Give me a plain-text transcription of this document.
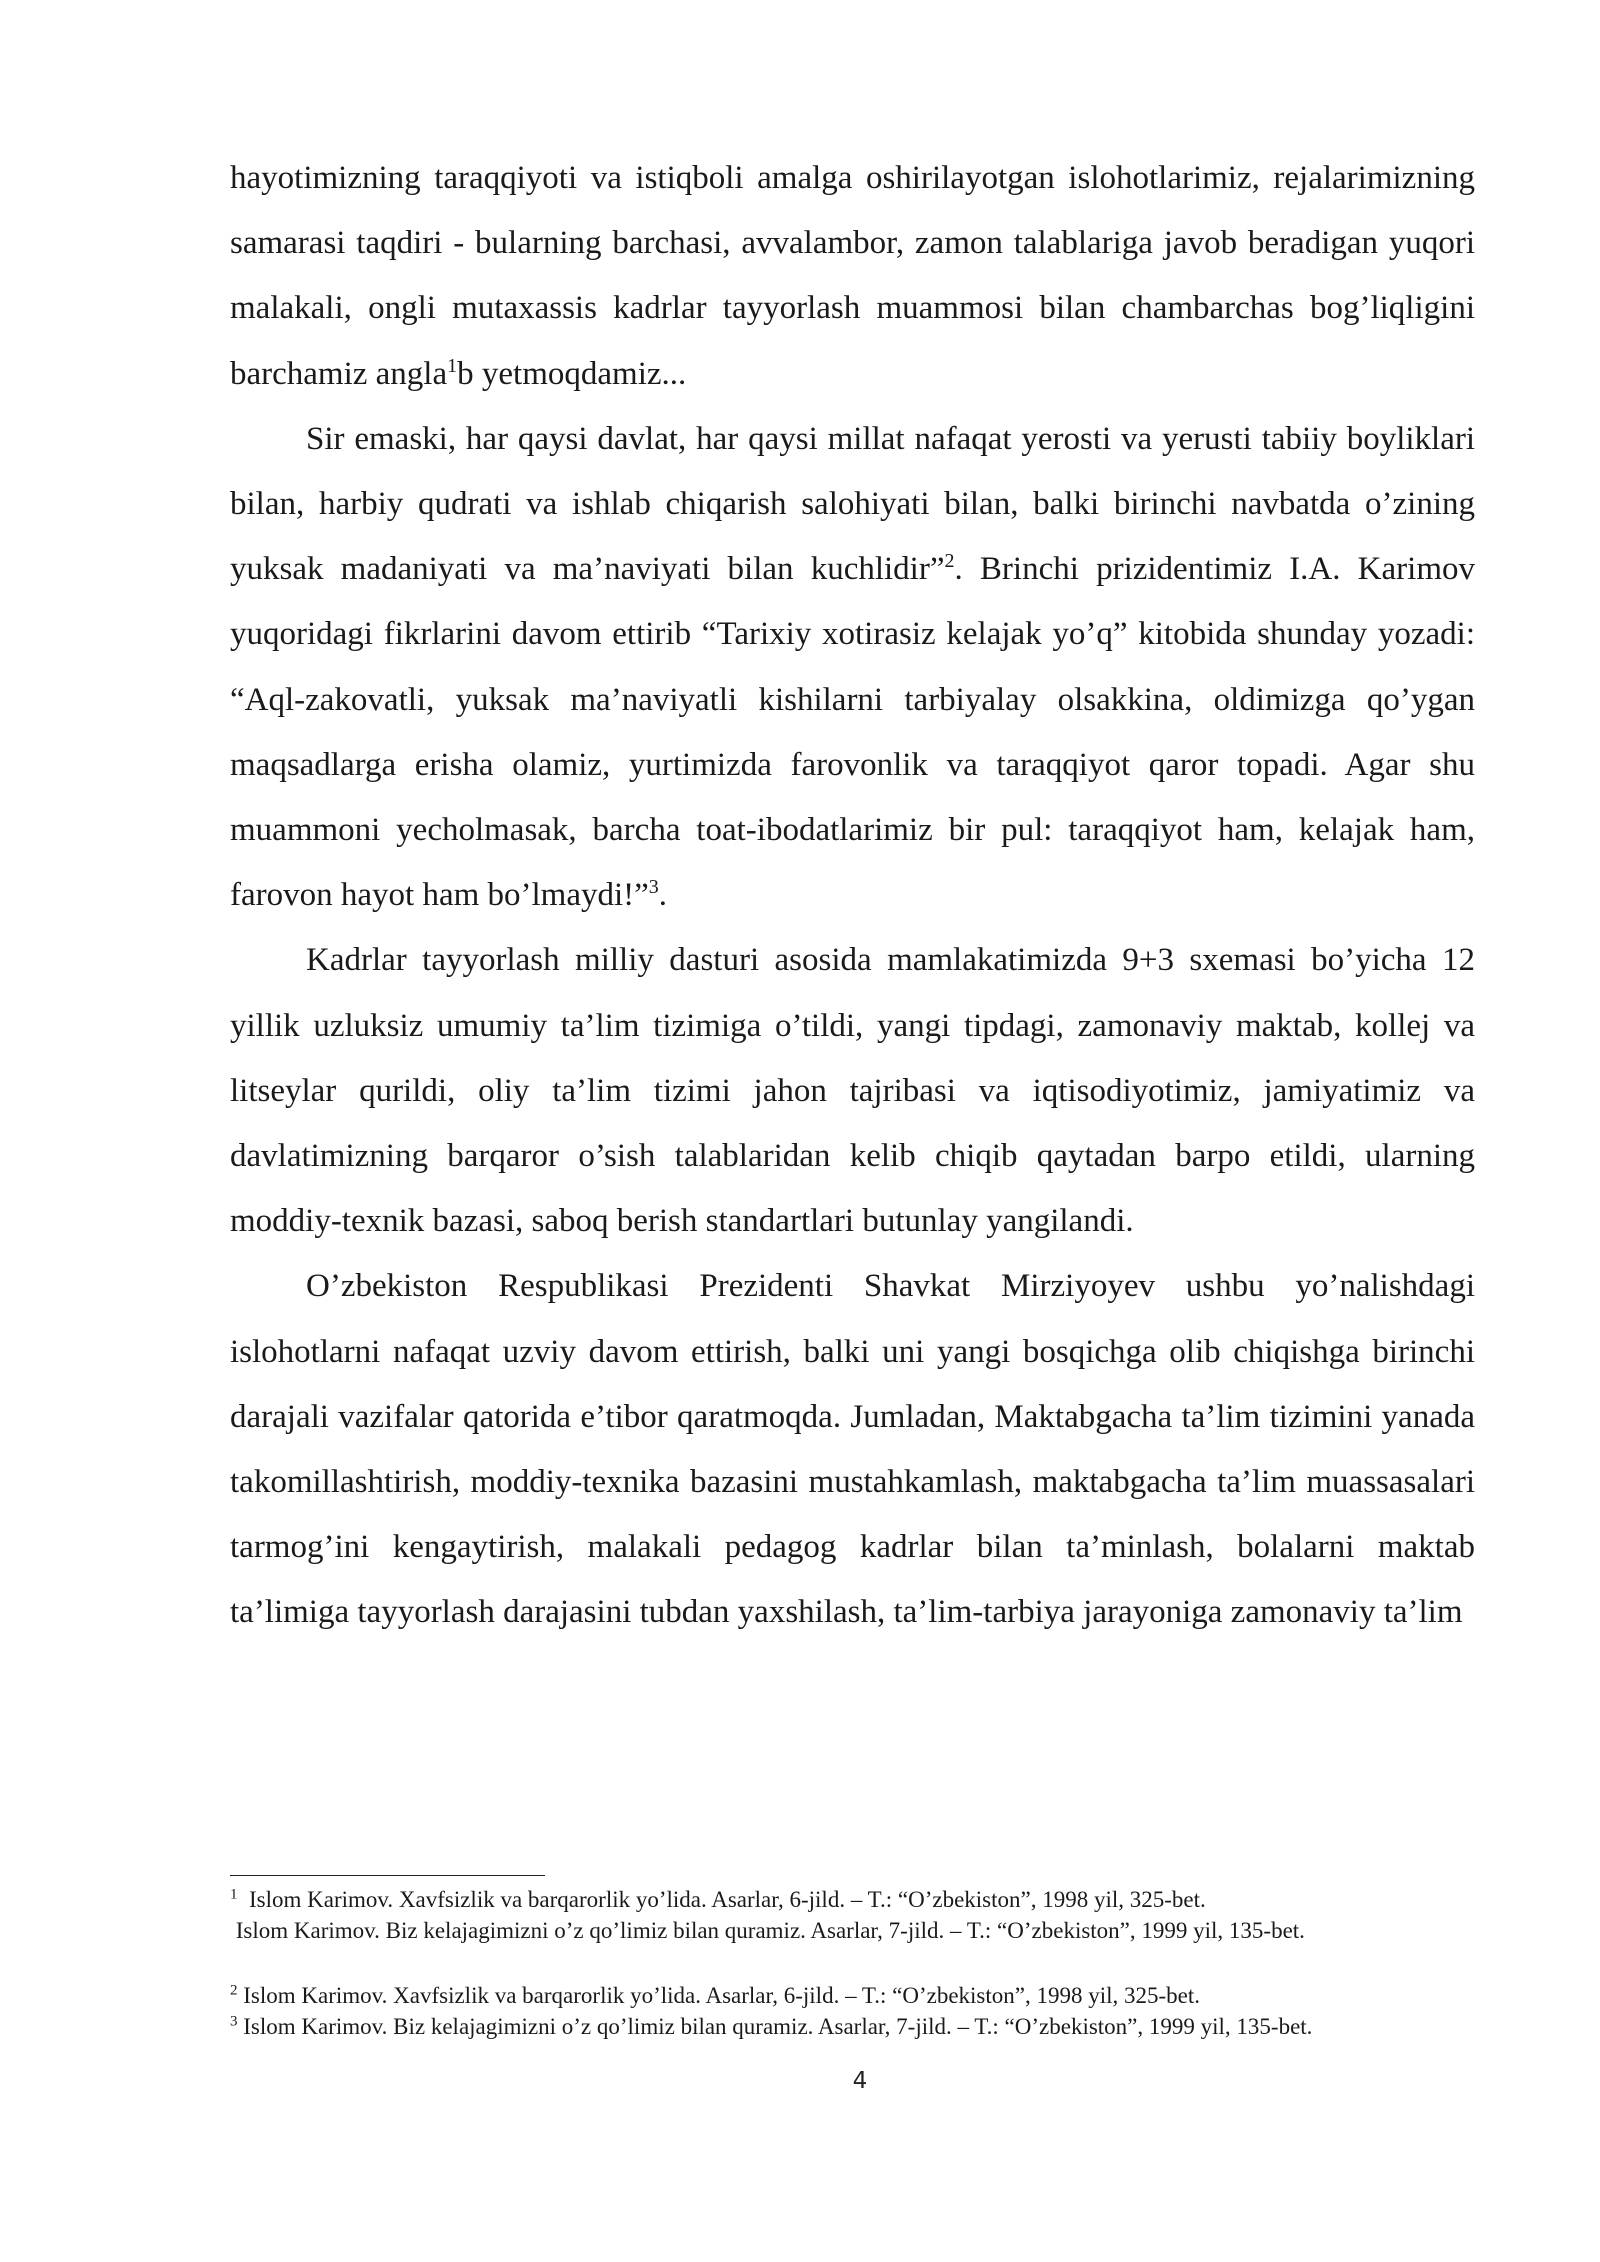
hayotimizning taraqqiyoti va istiqboli amalga oshirilayotgan islohotlarimiz, rejalarimizning samarasi taqdiri - bularning barchasi, avvalambor, zamon talablariga javob beradigan yuqori malakali, ongli mutaxassis kadrlar tayyorlash muammosi bilan chambarchas bog’liqligini barchamiz angla$^1$b yetmoqdamiz...

Sir emaski, har qaysi davlat, har qaysi millat nafaqat yerosti va yerusti tabiiy boyliklari bilan, harbiy qudrati va ishlab chiqarish salohiyati bilan, balki birinchi navbatda o’zining yuksak madaniyati va ma’naviyati bilan kuchlidir”$^2$. Brinchi prizidentimiz I.A. Karimov yuqoridagi fikrlarini davom ettirib “Tarixiy xotirasiz kelajak yo’q” kitobida shunday yozadi: “Aql-zakovatli, yuksak ma’naviyatli kishilarni tarbiyalay olsakkina, oldimizga qo’ygan maqsadlarga erisha olamiz, yurtimizda farovonlik va taraqqiyot qaror topadi. Agar shu muammoni yecholmasak, barcha toat-ibodatlarimiz bir pul: taraqqiyot ham, kelajak ham, farovon hayot ham bo’lmaydi!”$^3$.

Kadrlar tayyorlash milliy dasturi asosida mamlakatimizda 9+3 sxemasi bo’yicha 12 yillik uzluksiz umumiy ta’lim tizimiga o’tildi, yangi tipdagi, zamonaviy maktab, kollej va litseylar qurildi, oliy ta’lim tizimi jahon tajribasi va iqtisodiyotimiz, jamiyatimiz va davlatimizning barqaror o’sish talablaridan kelib chiqib qaytadan barpo etildi, ularning moddiy-texnik bazasi, saboq berish standartlari butunlay yangilandi.

O’zbekiston Respublikasi Prezidenti Shavkat Mirziyoyev ushbu yo’nalishdagi islohotlarni nafaqat uzviy davom ettirish, balki uni yangi bosqichga olib chiqishga birinchi darajali vazifalar qatorida e’tibor qaratmoqda. Jumladan, Maktabgacha ta’lim tizimini yanada takomillashtirish, moddiy-texnika bazasini mustahkamlash, maktabgacha ta’lim muassasalari tarmog’ini kengaytirish, malakali pedagog kadrlar bilan ta’minlash, bolalarni maktab ta’limiga tayyorlash darajasini tubdan yaxshilash, ta’lim-tarbiya jarayoniga zamonaviy ta’lim

$^1$ Islom Karimov. Xavfsizlik va barqarorlik yo’lida. Asarlar, 6-jild. – T.: “O’zbekiston”, 1998 yil, 325-bet.

Islom Karimov. Biz kelajagimizni o’z qo’limiz bilan quramiz. Asarlar, 7-jild. – T.: “O’zbekiston”, 1999 yil, 135-bet.

$^2$ Islom Karimov. Xavfsizlik va barqarorlik yo’lida. Asarlar, 6-jild. – T.: “O’zbekiston”, 1998 yil, 325-bet.

$^3$ Islom Karimov. Biz kelajagimizni o’z qo’limiz bilan quramiz. Asarlar, 7-jild. – T.: “O’zbekiston”, 1999 yil, 135-bet.

4
